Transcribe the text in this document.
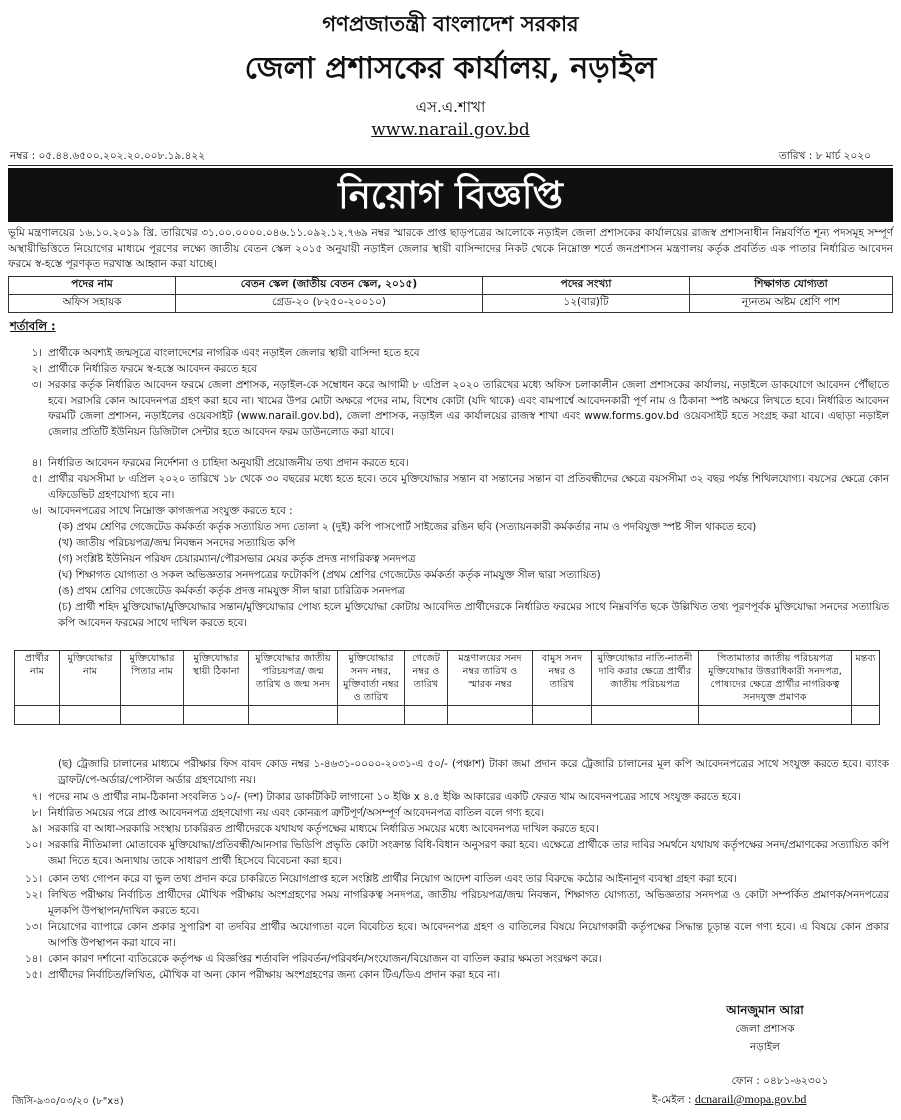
গণপ্রজাতন্ত্রী বাংলাদেশ সরকার
জেলা প্রশাসকের কার্যালয়, নড়াইল
এস.এ.শাখা
www.narail.gov.bd
নম্বর : ০৫.৪৪.৬৫০০.২০২.২০.০০৮.১৯.৪২২	তারিখ : ৮ মার্চ ২০২০
নিয়োগ বিজ্ঞপ্তি
ভূমি মন্ত্রণালয়ের ১৬.১০.২০১৯ খ্রি. তারিখের ৩১.০০.০০০০.০৪৬.১১.০৯২.১২.৭৬৯ নম্বর স্মারকে প্রাপ্ত ছাড়পত্রের আলোকে নড়াইল জেলা প্রশাসকের কার্যালয়ের রাজস্ব প্রশাসনাধীন নিম্নবর্ণিত শূন্য পদসমূহ সম্পূর্ণ অস্থায়ীভিত্তিতে নিয়োগের মাধ্যমে পূরণের লক্ষ্যে জাতীয় বেতন স্কেল ২০১৫ অনুযায়ী নড়াইল জেলার স্থায়ী বাসিন্দাদের নিকট থেকে নিম্নোক্ত শর্তে জনপ্রশাসন মন্ত্রণালয় কর্তৃক প্রবর্তিত এক পাতার নির্ধারিত আবেদন ফরমে স্ব-হস্তে পূরণকৃত দরখাস্ত আহ্বান করা যাচ্ছে।
পদের নাম	বেতন স্কেল (জাতীয় বেতন স্কেল, ২০১৫)	পদের সংখ্যা	শিক্ষাগত যোগ্যতা
অফিস সহায়ক	গ্রেড-২০ (৮২৫০-২০০১০)	১২(বার)টি	ন্যূনতম অষ্টম শ্রেণি পাশ
শর্তাবলি :
১। প্রার্থীকে অবশ্যই জন্মসূত্রে বাংলাদেশের নাগরিক এবং নড়াইল জেলার স্থায়ী বাসিন্দা হতে হবে
২। প্রার্থীকে নির্ধারিত ফরমে স্ব-হস্তে আবেদন করতে হবে
৩। সরকার কর্তৃক নির্ধারিত আবেদন ফরমে জেলা প্রশাসক, নড়াইল-কে সম্বোধন করে আগামী ৮ এপ্রিল ২০২০ তারিখের মধ্যে অফিস চলাকালীন জেলা প্রশাসকের কার্যালয়, নড়াইলে ডাকযোগে আবেদন পৌঁছাতে হবে। সরাসরি কোন আবেদনপত্র গ্রহণ করা হবে না। খামের উপর মোটা অক্ষরে পদের নাম, বিশেষ কোটা (যদি থাকে) এবং বামপার্শ্বে আবেদনকারী পূর্ণ নাম ও ঠিকানা স্পষ্ট অক্ষরে লিখতে হবে। নির্ধারিত আবেদন ফরমটি জেলা প্রশাসন, নড়াইলের ওয়েবসাইট (www.narail.gov.bd), জেলা প্রশাসক, নড়াইল এর কার্যালয়ের রাজস্ব শাখা এবং www.forms.gov.bd ওয়েবসাইট হতে সংগ্রহ করা যাবে। এছাড়া নড়াইল জেলার প্রতিটি ইউনিয়ন ডিজিটাল সেন্টার হতে আবেদন ফরম ডাউনলোড করা যাবে।
৪। নির্ধারিত আবেদন ফরমের নির্দেশনা ও চাহিদা অনুযায়ী প্রয়োজনীয় তথ্য প্রদান করতে হবে।
৫। প্রার্থীর বয়সসীমা ৮ এপ্রিল ২০২০ তারিখে ১৮ থেকে ৩০ বছরের মধ্যে হতে হবে। তবে মুক্তিযোদ্ধার সন্তান বা সন্তানের সন্তান বা প্রতিবন্ধীদের ক্ষেত্রে বয়সসীমা ৩২ বছর পর্যন্ত শিথিলযোগ্য। বয়সের ক্ষেত্রে কোন এফিডেভিট গ্রহণযোগ্য হবে না।
৬। আবেদনপত্রের সাথে নিম্নোক্ত কাগজপত্র সংযুক্ত করতে হবে :
(ক) প্রথম শ্রেণির গেজেটেড কর্মকর্তা কর্তৃক সত্যায়িত সদ্য তোলা ২ (দুই) কপি পাসপোর্ট সাইজের রঙিন ছবি (সত্যায়নকারী কর্মকর্তার নাম ও পদবিযুক্ত স্পষ্ট সীল থাকতে হবে)
(খ) জাতীয় পরিচয়পত্র/জন্ম নিবন্ধন সনদের সত্যায়িত কপি
(গ) সংশ্লিষ্ট ইউনিয়ন পরিষদ চেয়ারম্যান/পৌরসভার মেয়র কর্তৃক প্রদত্ত নাগরিকত্ব সনদপত্র
(ঘ) শিক্ষাগত যোগ্যতা ও সকল অভিজ্ঞতার সনদপত্রের ফটোকপি (প্রথম শ্রেণির গেজেটেড কর্মকর্তা কর্তৃক নামযুক্ত সীল দ্বারা সত্যায়িত)
(ঙ) প্রথম শ্রেণির গেজেটেড কর্মকর্তা কর্তৃক প্রদত্ত নামযুক্ত সীল দ্বারা চারিত্রিক সনদপত্র
(চ) প্রার্থী শহিদ মুক্তিযোদ্ধা/মুক্তিযোদ্ধার সন্তান/মুক্তিযোদ্ধার পোষ্য হলে মুক্তিযোদ্ধা কোটায় আবেদিত প্রার্থীদেরকে নির্ধারিত ফরমের সাথে নিম্নবর্ণিত ছকে উল্লিখিত তথ্য পূরণপূর্বক মুক্তিযোদ্ধা সনদের সত্যায়িত কপি আবেদন ফরমের সাথে দাখিল করতে হবে।
প্রার্থীর নাম	মুক্তিযোদ্ধার নাম	মুক্তিযোদ্ধার পিতার নাম	মুক্তিযোদ্ধার স্থায়ী ঠিকানা	মুক্তিযোদ্ধার জাতীয় পরিচয়পত্র/ জন্ম তারিখ ও জন্ম সনদ	মুক্তিযোদ্ধার সনদ নম্বর, মুক্তিবার্তা নম্বর ও তারিখ	গেজেট নম্বর ও তারিখ	মন্ত্রণালয়ের সনদ নম্বর তারিখ ও স্মারক নম্বর	বামুস সনদ নম্বর ও তারিখ	মুক্তিযোদ্ধার নাতি-নাতনী দাবি করার ক্ষেত্রে প্রার্থীর জাতীয় পরিচয়পত্র	পিতামাতার জাতীয় পরিচয়পত্র মুক্তিযোদ্ধার উত্তরাধিকারী সনদপত্র, পোষ্যদের ক্ষেত্রে প্রার্থীর নাগরিকত্ব সনদযুক্ত প্রমাণক	মন্তব্য

(ছ) ট্রেজারি চালানের মাধ্যমে পরীক্ষার ফিস বাবদ কোড নম্বর ১-৪৬৩১-০০০০-২০৩১-এ ৫০/- (পঞ্চাশ) টাকা জমা প্রদান করে ট্রেজারি চালানের মূল কপি আবেদনপত্রের সাথে সংযুক্ত করতে হবে। ব্যাংক ড্রাফট/পে-অর্ডার/পোস্টাল অর্ডার গ্রহণযোগ্য নয়।
৭। পদের নাম ও প্রার্থীর নাম-ঠিকানা সংবলিত ১০/- (দশ) টাকার ডাকটিকিট লাগানো ১০ ইঞ্চি x ৪.৫ ইঞ্চি আকারের একটি ফেরত খাম আবেদনপত্রের সাথে সংযুক্ত করতে হবে।
৮। নির্ধারিত সময়ের পরে প্রাপ্ত আবেদনপত্র গ্রহণযোগ্য নয় এবং কোনরূপ ত্রুটিপূর্ণ/অসম্পূর্ণ আবেদনপত্র বাতিল বলে গণ্য হবে।
৯। সরকারি বা আধা-সরকারি সংস্থায় চাকরিরত প্রার্থীদেরকে যথাযথ কর্তৃপক্ষের মাধ্যমে নির্ধারিত সময়ের মধ্যে আবেদনপত্র দাখিল করতে হবে।
১০। সরকারি নীতিমালা মোতাবেক মুক্তিযোদ্ধা/প্রতিবন্ধী/আনসার ভিডিপি প্রভৃতি কোটা সংক্রান্ত বিধি-বিধান অনুসরণ করা হবে। এক্ষেত্রে প্রার্থীকে তার দাবির সমর্থনে যথাযথ কর্তৃপক্ষের সনদ/প্রমাণকের সত্যায়িত কপি জমা দিতে হবে। অন্যথায় তাকে সাধারণ প্রার্থী হিসেবে বিবেচনা করা হবে।
১১। কোন তথ্য গোপন করে বা ভুল তথ্য প্রদান করে চাকরিতে নিয়োগপ্রাপ্ত হলে সংশ্লিষ্ট প্রার্থীর নিয়োগ আদেশ বাতিল এবং তার বিরুদ্ধে কঠোর আইনানুগ ব্যবস্থা গ্রহণ করা হবে।
১২। লিখিত পরীক্ষায় নির্বাচিত প্রার্থীদের মৌখিক পরীক্ষায় অংশগ্রহণের সময় নাগরিকত্ব সনদপত্র, জাতীয় পরিচয়পত্র/জন্ম নিবন্ধন, শিক্ষাগত যোগ্যতা, অভিজ্ঞতার সনদপত্র ও কোটা সম্পর্কিত প্রমাণক/সনদপত্রের মূলকপি উপস্থাপন/দাখিল করতে হবে।
১৩। নিয়োগের ব্যাপারে কোন প্রকার সুপারিশ বা তদবির প্রার্থীর অযোগ্যতা বলে বিবেচিত হবে। আবেদনপত্র গ্রহণ ও বাতিলের বিষয়ে নিয়োগকারী কর্তৃপক্ষের সিদ্ধান্ত চূড়ান্ত বলে গণ্য হবে। এ বিষয়ে কোন প্রকার আপত্তি উপস্থাপন করা যাবে না।
১৪। কোন কারণ দর্শানো ব্যতিরেকে কর্তৃপক্ষ এ বিজ্ঞপ্তির শর্তাবলি পরিবর্তন/পরিবর্ধন/সংযোজন/বিয়োজন বা বাতিল করার ক্ষমতা সংরক্ষণ করে।
১৫। প্রার্থীদের নির্বাচিত/লিখিত, মৌখিক বা অন্য কোন পরীক্ষায় অংশগ্রহণের জন্য কোন টিএ/ডিএ প্রদান করা হবে না।
আনজুমান আরা
জেলা প্রশাসক
নড়াইল
ফোন : ০৪৮১-৬২৩০১
জিসি-৯৩০/০৩/২০ (৮"x৪)	ই-মেইল : dcnarail@mopa.gov.bd
